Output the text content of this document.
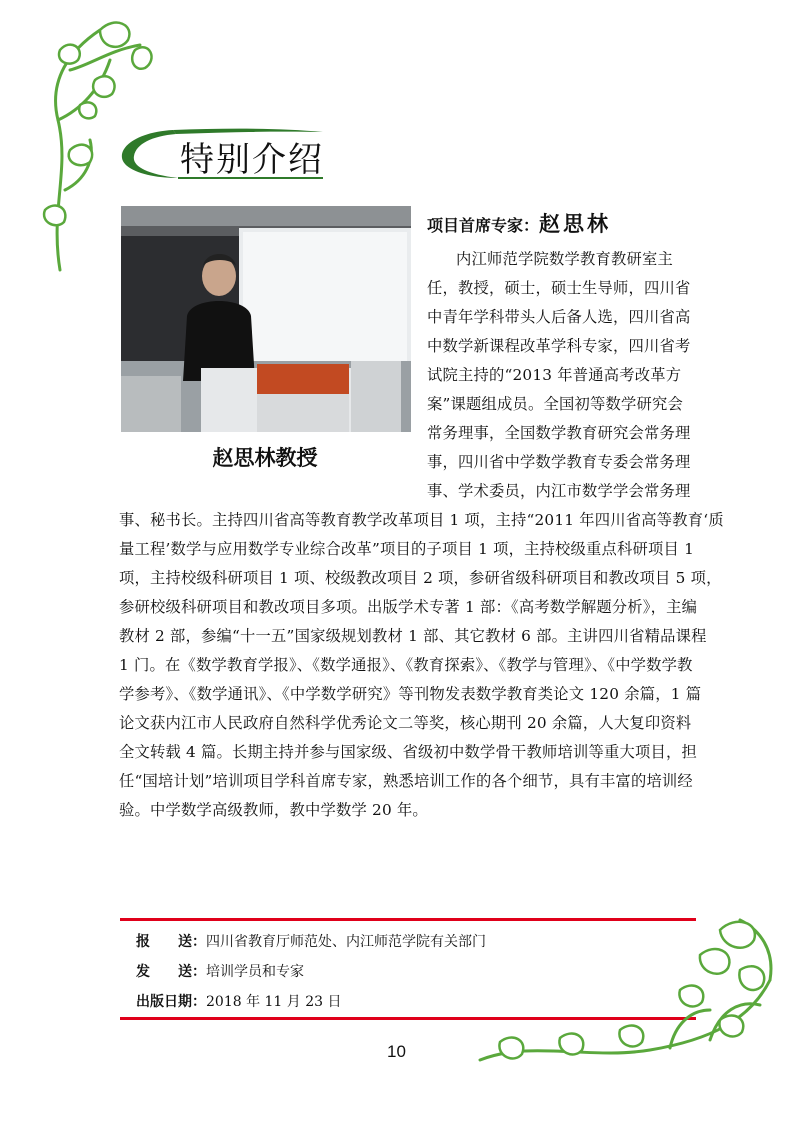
特别介绍
赵思林教授
项目首席专家：赵思林
内江师范学院数学教育教研室主
任，教授，硕士，硕士生导师，四川省
中青年学科带头人后备人选，四川省高
中数学新课程改革学科专家，四川省考
试院主持的“2013 年普通高考改革方
案”课题组成员。全国初等数学研究会
常务理事，全国数学教育研究会常务理
事，四川省中学数学教育专委会常务理
事、学术委员，内江市数学学会常务理
事、秘书长。主持四川省高等教育教学改革项目 1 项，主持“2011 年四川省高等教育‘质
量工程’数学与应用数学专业综合改革”项目的子项目 1 项，主持校级重点科研项目 1
项，主持校级科研项目 1 项、校级教改项目 2 项，参研省级科研项目和教改项目 5 项，
参研校级科研项目和教改项目多项。出版学术专著 1 部：《高考数学解题分析》，主编
教材 2 部，参编“十一五”国家级规划教材 1 部、其它教材 6 部。主讲四川省精品课程
1 门。在《数学教育学报》、《数学通报》、《教育探索》、《教学与管理》、《中学数学教
学参考》、《数学通讯》、《中学数学研究》等刊物发表数学教育类论文 120 余篇，1 篇
论文获内江市人民政府自然科学优秀论文二等奖，核心期刊 20 余篇，人大复印资料
全文转载 4 篇。长期主持并参与国家级、省级初中数学骨干教师培训等重大项目，担
任“国培计划”培训项目学科首席专家，熟悉培训工作的各个细节，具有丰富的培训经
验。中学数学高级教师，教中学数学 20 年。
报　　送：四川省教育厅师范处、内江师范学院有关部门
发　　送：培训学员和专家
出版日期：2018 年 11 月 23 日
10
